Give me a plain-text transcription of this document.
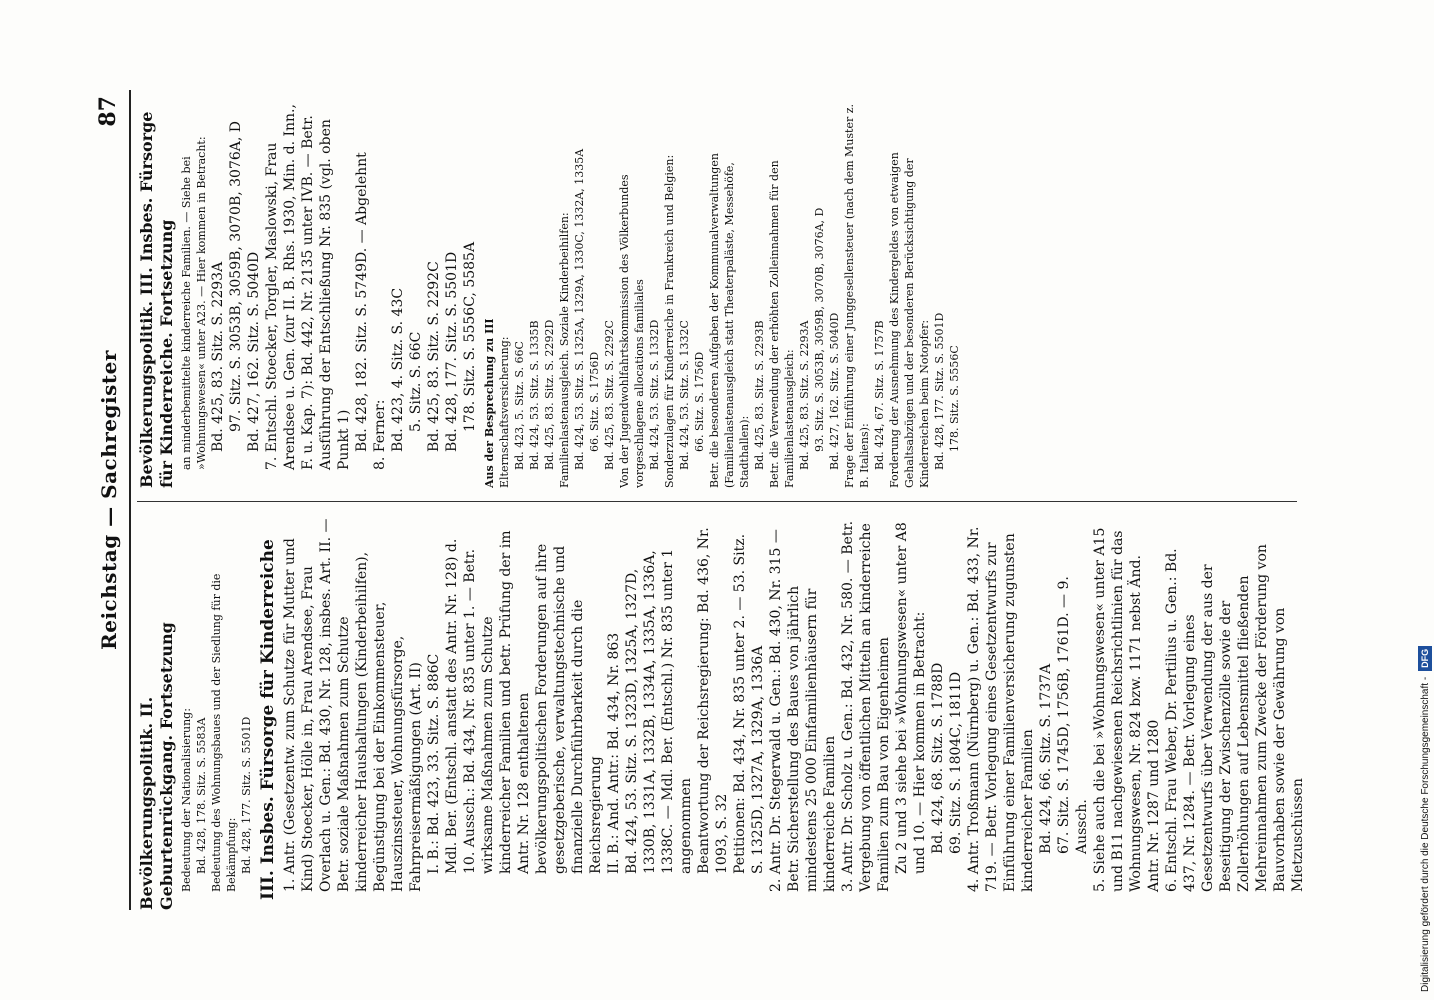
Reichstag — Sachregister
87
Bevölkerungspolitik. II. Geburtenrückgang. Fortsetzung Bedeutung der Nationalisierung: Bd. 428, 178. Sitz. S. 5583A Bedeutung des Wohnungsbaues und der Siedlung für die Bekämpfung: Bd. 428, 177. Sitz. S. 5501D III. Insbes. Fürsorge für Kinderreiche 1. Antr. (Gesetzentw. zum Schutze für Mutter und Kind) Stoecker, Hölle in, Frau Arendsee, Frau Overlach u. Gen.: Bd. 430, Nr. 128, insbes. Art. II. — Betr. soziale Maßnahmen zum Schutze kinderreicher Haushaltungen (Kinderbeihilfen), Begünstigung bei der Einkommensteuer, Hauszinssteuer, Wohnungsfürsorge, Fahrpreisermäßigungen (Art. II) I. B.: Bd. 423, 33. Sitz. S. 886C Mdl. Ber. (Entschl. anstatt des Antr. Nr. 128) d. 10. Aussch.: Bd. 434, Nr. 835 unter 1. — Betr. wirksame Maßnahmen zum Schutze kinderreicher Familien und betr. Prüfung der im Antr. Nr. 128 enthaltenen bevölkerungspolitischen Forderungen auf ihre gesetzgeberische, verwaltungstechnische und finanzielle Durchführbarkeit durch die Reichsregierung II. B.: And. Antr.: Bd. 434, Nr. 863 Bd. 424, 53. Sitz. S. 1323D, 1325A, 1327D, 1330B, 1331A, 1332B, 1334A, 1335A, 1336A, 1338C. — Mdl. Ber. (Entschl.) Nr. 835 unter 1 angenommen Beantwortung der Reichsregierung: Bd. 436, Nr. 1093, S. 32 Petitionen: Bd. 434, Nr. 835 unter 2. — 53. Sitz. S. 1325D, 1327A, 1329A, 1336A 2. Antr. Dr. Stegerwald u. Gen.: Bd. 430, Nr. 315 — Betr. Sicherstellung des Baues von jährlich mindestens 25 000 Einfamilienhäusern für kinderreiche Familien 3. Antr. Dr. Scholz u. Gen.: Bd. 432, Nr. 580. — Betr. Vergebung von öffentlichen Mitteln an kinderreiche Familien zum Bau von Eigenheimen Zu 2 und 3 siehe bei »Wohnungswesen« unter A8 und 10. — Hier kommen in Betracht: Bd. 424, 68. Sitz. S. 1788D 69. Sitz. S. 1804C, 1811D 4. Antr. Troßmann (Nürnberg) u. Gen.: Bd. 433, Nr. 719. — Betr. Vorlegung eines Gesetzentwurfs zur Einführung einer Familienversicherung zugunsten kinderreicher Familien Bd. 424, 66. Sitz. S. 1737A 67. Sitz. S. 1745D, 1756B, 1761D. — 9. Aussch. 5. Siehe auch die bei »Wohnungswesen« unter A15 und B11 nachgewiesenen Reichsrichtlinien für das Wohnungswesen, Nr. 824 bzw. 1171 nebst Änd. Antr. Nr. 1287 und 1280 6. Entschl. Frau Weber, Dr. Pertilius u. Gen.: Bd. 437, Nr. 1284. — Betr. Vorlegung eines Gesetzentwurfs über Verwendung der aus der Beseitigung der Zwischenzölle sowie der Zollerhöhungen auf Lebensmittel fließenden Mehreinnahmen zum Zwecke der Förderung von Bauvorhaben sowie der Gewährung von Mietzuschüssen
Bevölkerungspolitik. III. Insbes. Fürsorge für Kinderreiche. Fortsetzung an minderbemittelte kinderreiche Familien. — Siehe bei »Wohnungswesen« unter A23. — Hier kommen in Betracht: Bd. 425, 83. Sitz. S. 2293A 97. Sitz. S. 3053B, 3059B, 3070B, 3076A, D Bd. 427, 162. Sitz. S. 5040D 7. Entschl. Stoecker, Torgler, Maslowski, Frau Arendsee u. Gen. (zur II. B. Rhs. 1930, Min. d. Inn., F. u. Kap. 7): Bd. 442, Nr. 2135 unter IVB. — Betr. Ausführung der Entschließung Nr. 835 (vgl. oben Punkt 1) Bd. 428, 182. Sitz. S. 5749D. — Abgelehnt 8. Ferner: Bd. 423, 4. Sitz. S. 43C 5. Sitz. S. 66C Bd. 425, 83. Sitz. S. 2292C Bd. 428, 177. Sitz. S. 5501D 178. Sitz. S. 5556C, 5585A Aus der Besprechung zu III Elternschaftsversicherung: Bd. 423, 5. Sitz. S. 66C Bd. 424, 53. Sitz. S. 1335B Bd. 425, 83. Sitz. S. 2292D Familienlastenausgleich. Soziale Kinderbeihilfen: Bd. 424, 53. Sitz. S. 1325A, 1329A, 1330C, 1332A, 1335A 66. Sitz. S. 1756D Bd. 425, 83. Sitz. S. 2292C Von der Jugendwohlfahrtskommission des Völkerbundes vorgeschlagene allocations familiales Bd. 424, 53. Sitz. S. 1332D Sonderzulagen für Kinderreiche in Frankreich und Belgien: Bd. 424, 53. Sitz. S. 1332C 66. Sitz. S. 1756D Betr. die besonderen Aufgaben der Kommunalverwaltungen (Familienlastenausgleich statt Theaterpaläste, Messehöfe, Stadthallen): Bd. 425, 83. Sitz. S. 2293B Betr. die Verwendung der erhöhten Zolleinnahmen für den Familienlastenausgleich: Bd. 425, 83. Sitz. S. 2293A 93. Sitz. S. 3053B, 3059B, 3070B, 3076A, D Bd. 427, 162. Sitz. S. 5040D Frage der Einführung einer Junggesellensteuer (nach dem Muster z. B. Italiens): Bd. 424, 67. Sitz. S. 1757B Forderung der Ausnehmung des Kindergeldes von etwaigen Gehaltsabzügen und der besonderen Berücksichtigung der Kinderreichen beim Notopfer: Bd. 428, 177. Sitz. S. 5501D 178. Sitz. S. 5556C
Digitalisierung gefördert durch die Deutsche Forschungsgemeinschaft -DFG
